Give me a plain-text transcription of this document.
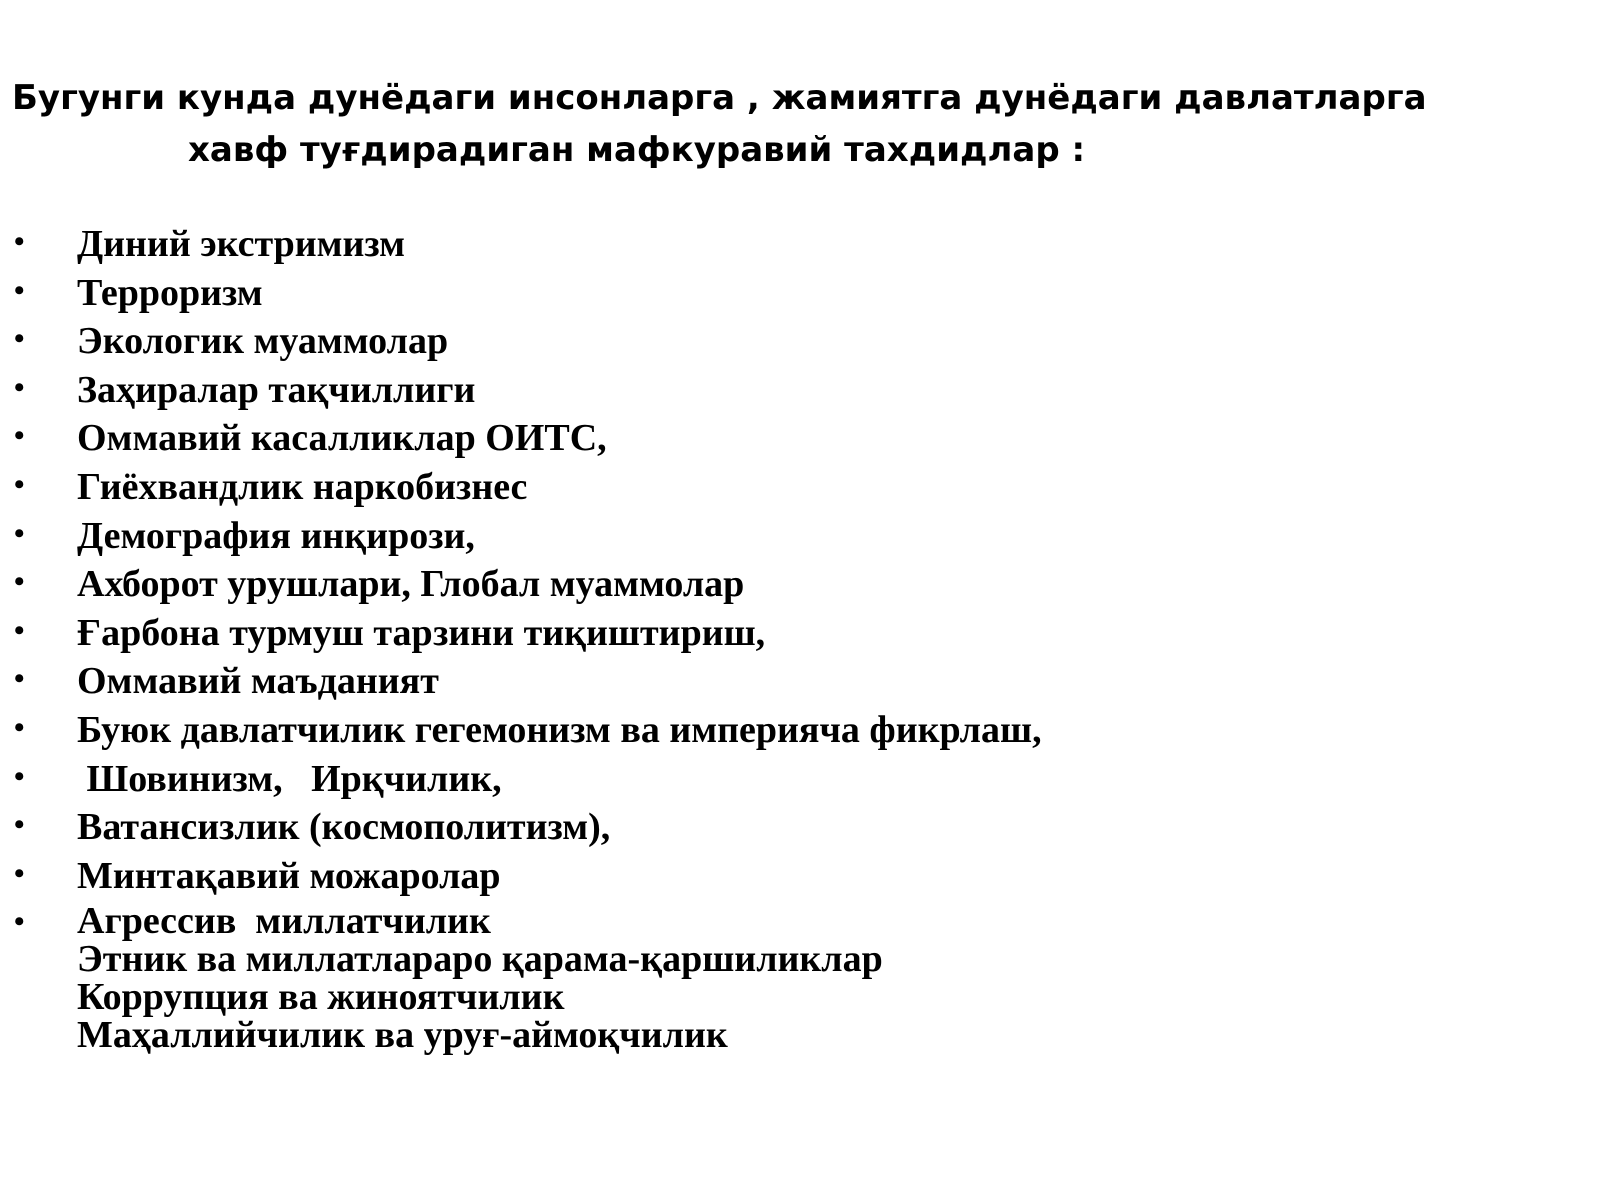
Бугунги кунда дунёдаги инсонларга , жамиятга дунёдаги давлатларга
хавф туғдирадиган мафкуравий тахдидлар :
• Диний экстримизм
• Терроризм
• Экологик муаммолар
• Заҳиралар тақчиллиги
• Оммавий касалликлар ОИТС,
• Гиёхвандлик наркобизнес
• Демография инқирози,
• Ахборот урушлари, Глобал муаммолар
• Ғарбона турмуш тарзини тиқиштириш,
• Оммавий маъданият
• Буюк давлатчилик гегемонизм ва империяча фикрлаш,
• Шовинизм,   Ирқчилик,
• Ватансизлик (космополитизм),
• Минтақавий можаролар
• Агрессив  миллатчилик
Этник ва миллатлараро қарама-қаршиликлар
Коррупция ва жиноятчилик
Маҳаллийчилик ва уруғ-аймоқчилик
